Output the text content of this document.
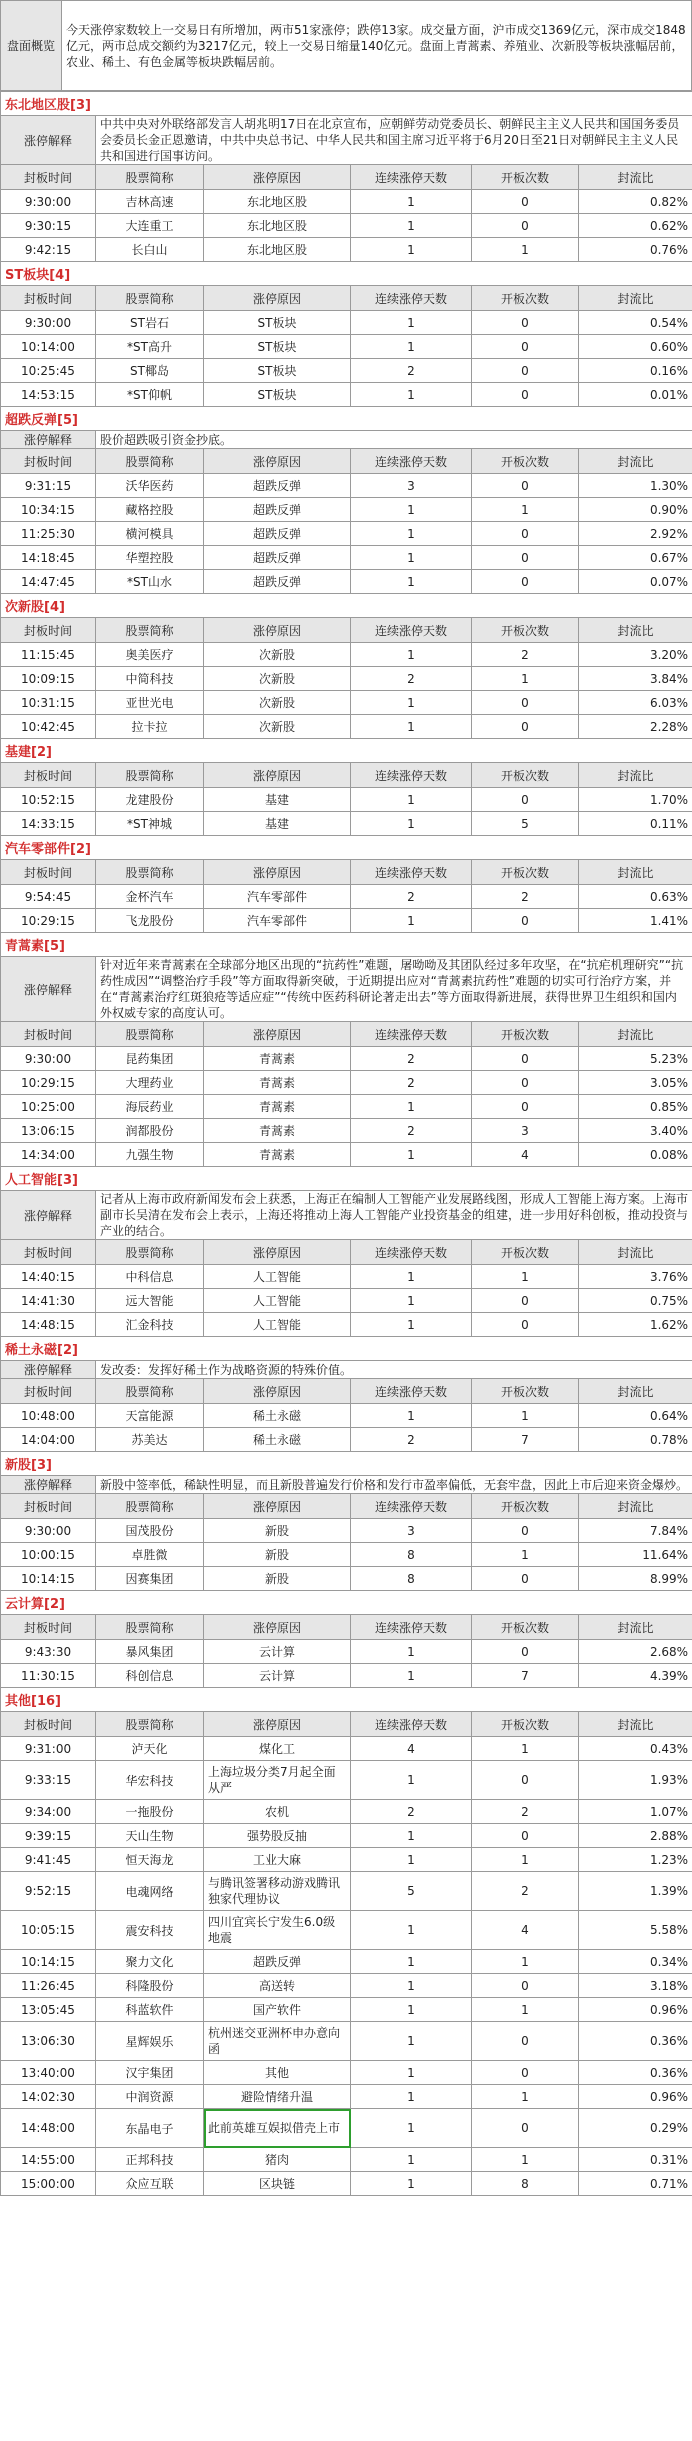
盘面概览	今天涨停家数较上一交易日有所增加，两市51家涨停；跌停13家。成交量方面，沪市成交1369亿元，深市成交1848亿元，两市总成交额约为3217亿元，较上一交易日缩量140亿元。盘面上青蒿素、养殖业、次新股等板块涨幅居前，农业、稀土、有色金属等板块跌幅居前。
东北地区股[3]					
涨停解释	中共中央对外联络部发言人胡兆明17日在北京宣布，应朝鲜劳动党委员长、朝鲜民主主义人民共和国国务委员会委员长金正恩邀请，中共中央总书记、中华人民共和国主席习近平将于6月20日至21日对朝鲜民主主义人民共和国进行国事访问。				
封板时间	股票简称	涨停原因	连续涨停天数	开板次数	封流比
9:30:00	吉林高速	东北地区股	1	0	0.82%
9:30:15	大连重工	东北地区股	1	0	0.62%
9:42:15	长白山	东北地区股	1	1	0.76%
ST板块[4]					
封板时间	股票简称	涨停原因	连续涨停天数	开板次数	封流比
9:30:00	ST岩石	ST板块	1	0	0.54%
10:14:00	*ST高升	ST板块	1	0	0.60%
10:25:45	ST椰岛	ST板块	2	0	0.16%
14:53:15	*ST仰帆	ST板块	1	0	0.01%
超跌反弹[5]					
涨停解释	股价超跌吸引资金抄底。				
封板时间	股票简称	涨停原因	连续涨停天数	开板次数	封流比
9:31:15	沃华医药	超跌反弹	3	0	1.30%
10:34:15	藏格控股	超跌反弹	1	1	0.90%
11:25:30	横河模具	超跌反弹	1	0	2.92%
14:18:45	华塑控股	超跌反弹	1	0	0.67%
14:47:45	*ST山水	超跌反弹	1	0	0.07%
次新股[4]					
封板时间	股票简称	涨停原因	连续涨停天数	开板次数	封流比
11:15:45	奥美医疗	次新股	1	2	3.20%
10:09:15	中简科技	次新股	2	1	3.84%
10:31:15	亚世光电	次新股	1	0	6.03%
10:42:45	拉卡拉	次新股	1	0	2.28%
基建[2]					
封板时间	股票简称	涨停原因	连续涨停天数	开板次数	封流比
10:52:15	龙建股份	基建	1	0	1.70%
14:33:15	*ST神城	基建	1	5	0.11%
汽车零部件[2]					
封板时间	股票简称	涨停原因	连续涨停天数	开板次数	封流比
9:54:45	金杯汽车	汽车零部件	2	2	0.63%
10:29:15	飞龙股份	汽车零部件	1	0	1.41%
青蒿素[5]					
涨停解释	针对近年来青蒿素在全球部分地区出现的“抗药性”难题，屠呦呦及其团队经过多年攻坚，在“抗疟机理研究”“抗药性成因”“调整治疗手段”等方面取得新突破，于近期提出应对“青蒿素抗药性”难题的切实可行治疗方案，并在“青蒿素治疗红斑狼疮等适应症”“传统中医药科研论著走出去”等方面取得新进展，获得世界卫生组织和国内外权威专家的高度认可。				
封板时间	股票简称	涨停原因	连续涨停天数	开板次数	封流比
9:30:00	昆药集团	青蒿素	2	0	5.23%
10:29:15	大理药业	青蒿素	2	0	3.05%
10:25:00	海辰药业	青蒿素	1	0	0.85%
13:06:15	润都股份	青蒿素	2	3	3.40%
14:34:00	九强生物	青蒿素	1	4	0.08%
人工智能[3]					
涨停解释	记者从上海市政府新闻发布会上获悉，上海正在编制人工智能产业发展路线图，形成人工智能上海方案。上海市副市长吴清在发布会上表示，上海还将推动上海人工智能产业投资基金的组建，进一步用好科创板，推动投资与产业的结合。				
封板时间	股票简称	涨停原因	连续涨停天数	开板次数	封流比
14:40:15	中科信息	人工智能	1	1	3.76%
14:41:30	远大智能	人工智能	1	0	0.75%
14:48:15	汇金科技	人工智能	1	0	1.62%
稀土永磁[2]					
涨停解释	发改委：发挥好稀土作为战略资源的特殊价值。				
封板时间	股票简称	涨停原因	连续涨停天数	开板次数	封流比
10:48:00	天富能源	稀土永磁	1	1	0.64%
14:04:00	苏美达	稀土永磁	2	7	0.78%
新股[3]					
涨停解释	新股中签率低，稀缺性明显，而且新股普遍发行价格和发行市盈率偏低，无套牢盘，因此上市后迎来资金爆炒。				
封板时间	股票简称	涨停原因	连续涨停天数	开板次数	封流比
9:30:00	国茂股份	新股	3	0	7.84%
10:00:15	卓胜微	新股	8	1	11.64%
10:14:15	因赛集团	新股	8	0	8.99%
云计算[2]					
封板时间	股票简称	涨停原因	连续涨停天数	开板次数	封流比
9:43:30	暴风集团	云计算	1	0	2.68%
11:30:15	科创信息	云计算	1	7	4.39%
其他[16]					
封板时间	股票简称	涨停原因	连续涨停天数	开板次数	封流比
9:31:00	泸天化	煤化工	4	1	0.43%
9:33:15	华宏科技	上海垃圾分类7月起全面从严	1	0	1.93%
9:34:00	一拖股份	农机	2	2	1.07%
9:39:15	天山生物	强势股反抽	1	0	2.88%
9:41:45	恒天海龙	工业大麻	1	1	1.23%
9:52:15	电魂网络	与腾讯签署移动游戏腾讯独家代理协议	5	2	1.39%
10:05:15	震安科技	四川宜宾长宁发生6.0级地震	1	4	5.58%
10:14:15	聚力文化	超跌反弹	1	1	0.34%
11:26:45	科隆股份	高送转	1	0	3.18%
13:05:45	科蓝软件	国产软件	1	1	0.96%
13:06:30	星辉娱乐	杭州迷交亚洲杯申办意向函	1	0	0.36%
13:40:00	汉宇集团	其他	1	0	0.36%
14:02:30	中润资源	避险情绪升温	1	1	0.96%
14:48:00	东晶电子	此前英雄互娱拟借壳上市	1	0	0.29%
14:55:00	正邦科技	猪肉	1	1	0.31%
15:00:00	众应互联	区块链	1	8	0.71%
